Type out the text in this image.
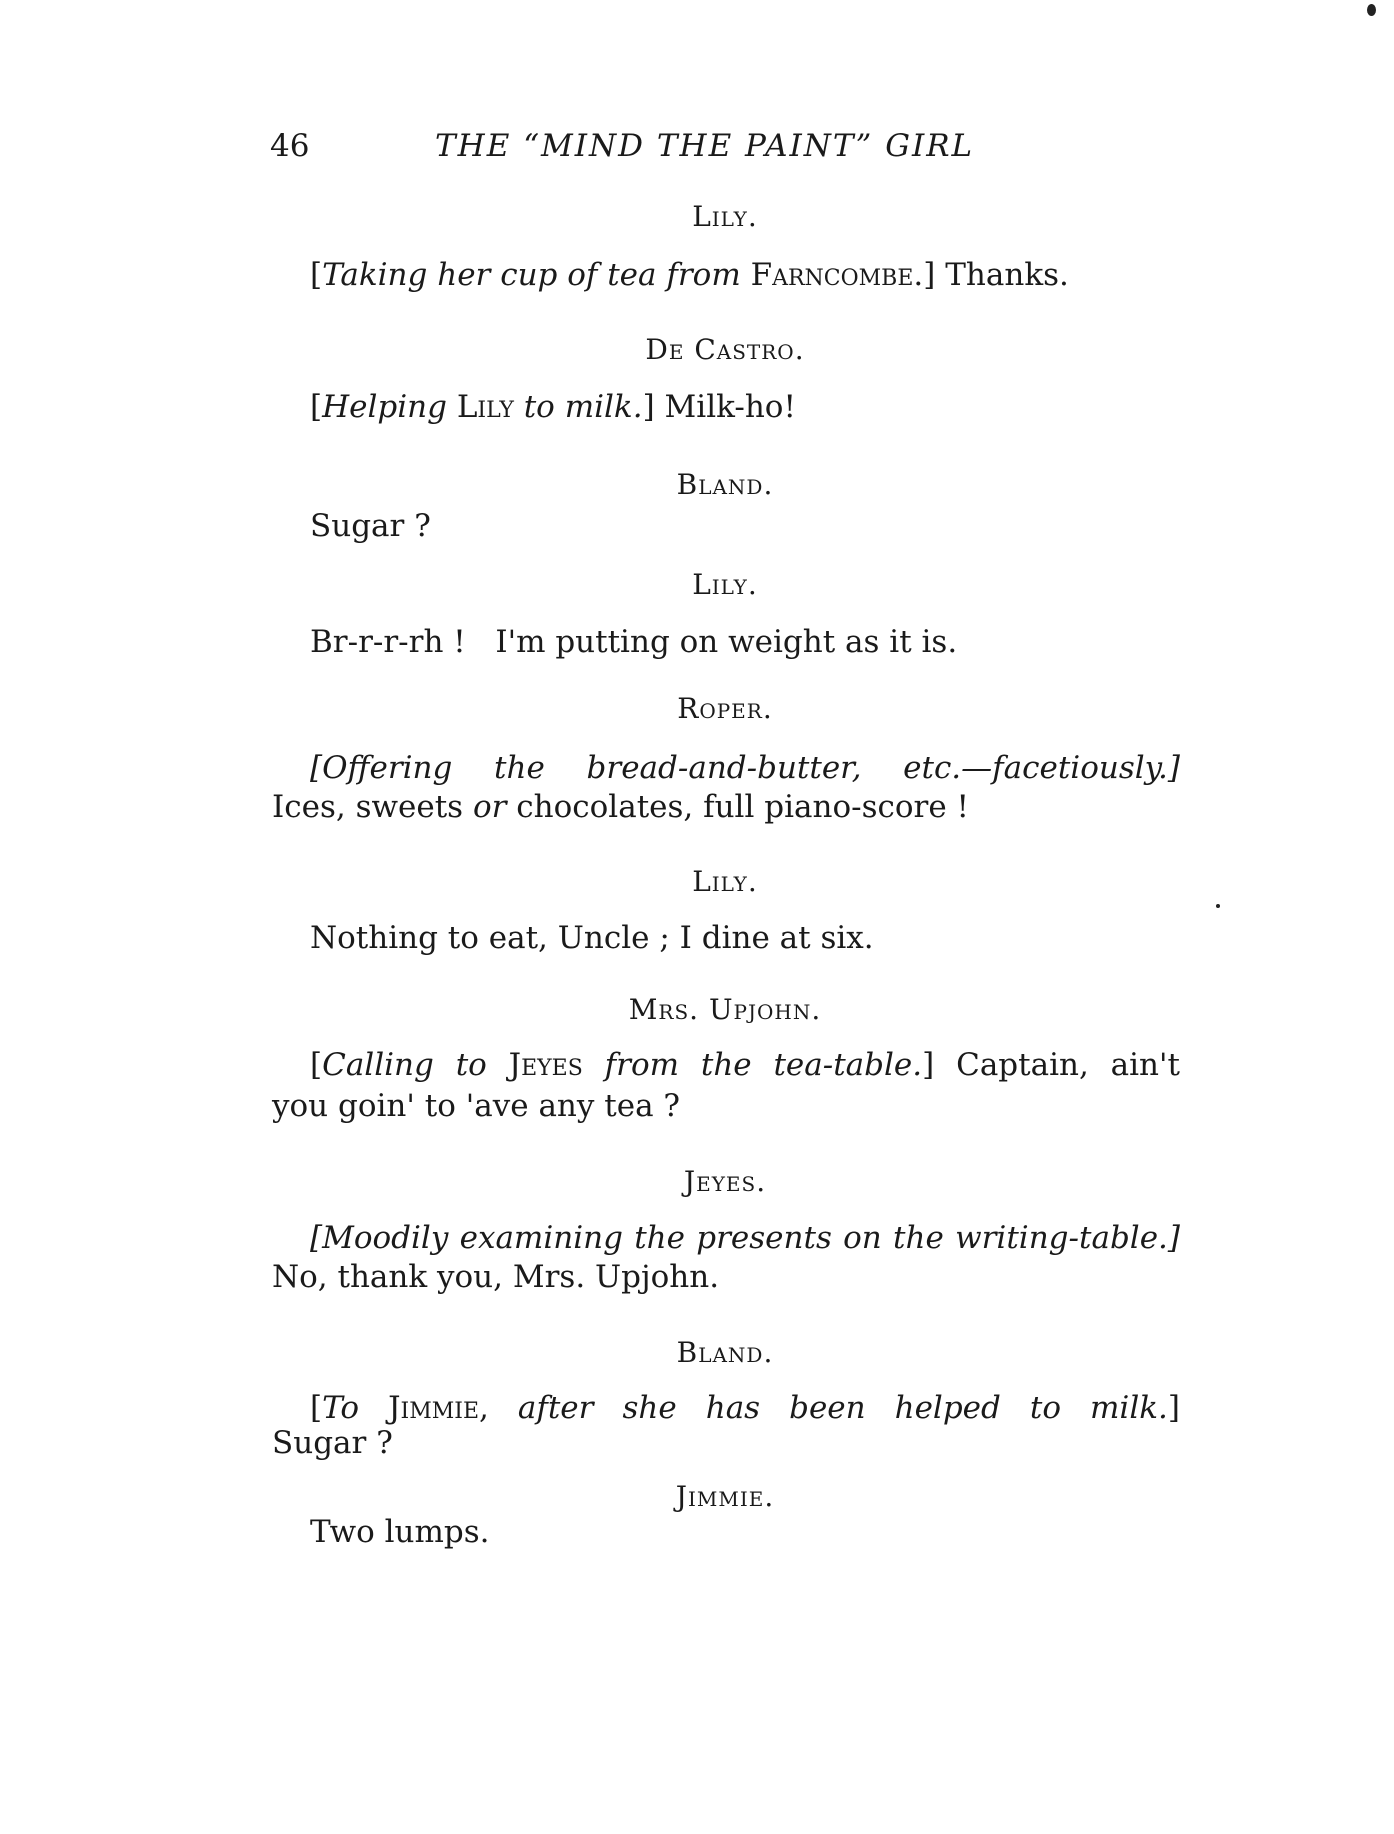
46	THE “MIND THE PAINT” GIRL
Lily.
[Taking her cup of tea from Farncombe.] Thanks.
De Castro.
[Helping Lily to milk.] Milk-ho!
Bland.
Sugar ?
Lily.
Br-r-r-rh !   I'm putting on weight as it is.
Roper.
[Offering the bread-and-butter, etc.—facetiously.]
Ices, sweets or chocolates, full piano-score !
Lily.
Nothing to eat, Uncle ; I dine at six.
Mrs. Upjohn.
[Calling to Jeyes from the tea-table.] Captain, ain't
you goin' to 'ave any tea ?
Jeyes.
[Moodily examining the presents on the writing-table.]
No, thank you, Mrs. Upjohn.
Bland.
[To Jimmie, after she has been helped to milk.]
Sugar ?
Jimmie.
Two lumps.
